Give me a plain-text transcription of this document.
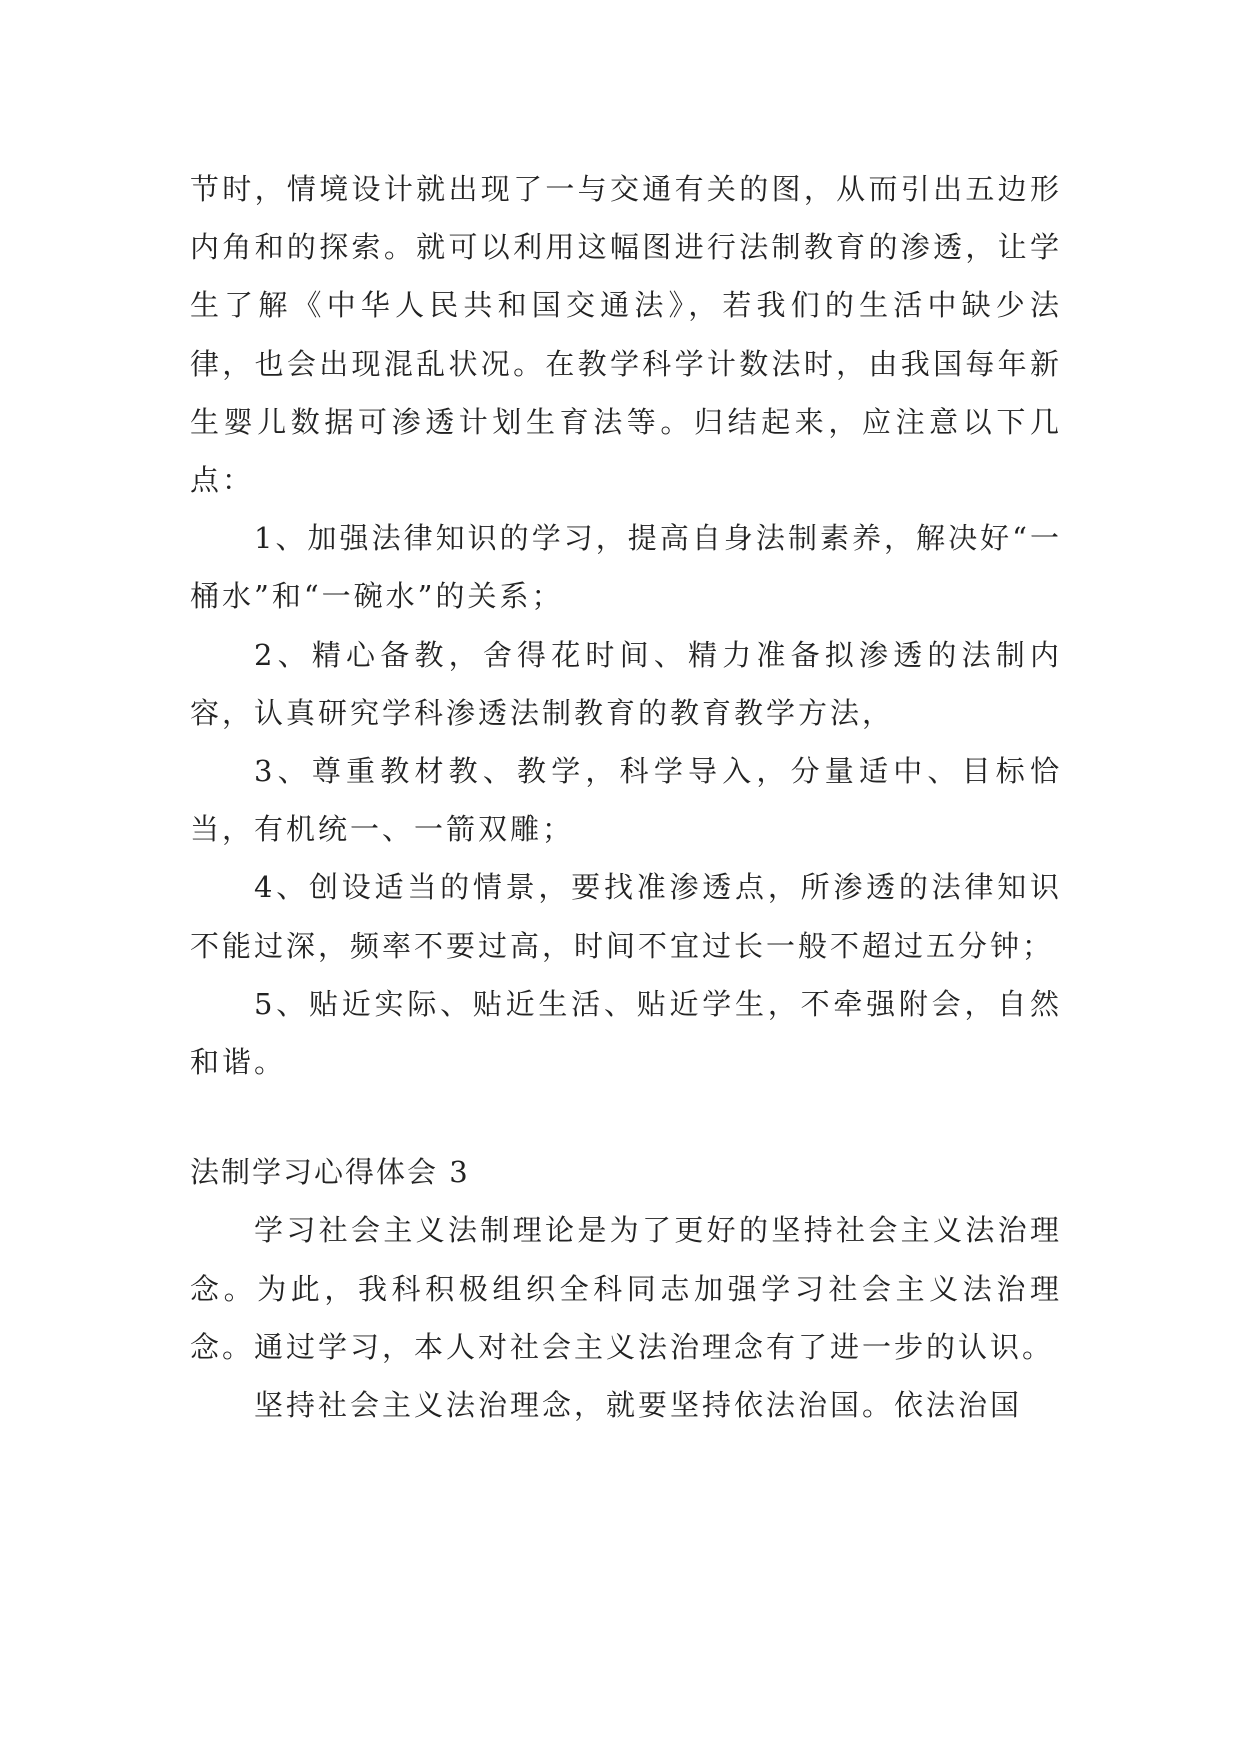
节时，情境设计就出现了一与交通有关的图，从而引出五边形内角和的探索。就可以利用这幅图进行法制教育的渗透，让学生了解《中华人民共和国交通法》，若我们的生活中缺少法律，也会出现混乱状况。在教学科学计数法时，由我国每年新生婴儿数据可渗透计划生育法等。归结起来，应注意以下几点：

1、加强法律知识的学习，提高自身法制素养，解决好“一桶水”和“一碗水”的关系；

2、精心备教，舍得花时间、精力准备拟渗透的法制内容，认真研究学科渗透法制教育的教育教学方法，

3、尊重教材教、教学，科学导入，分量适中、目标恰当，有机统一、一箭双雕；

4、创设适当的情景，要找准渗透点，所渗透的法律知识不能过深，频率不要过高，时间不宜过长一般不超过五分钟；

5、贴近实际、贴近生活、贴近学生，不牵强附会，自然和谐。

法制学习心得体会 3

学习社会主义法制理论是为了更好的坚持社会主义法治理念。为此，我科积极组织全科同志加强学习社会主义法治理念。通过学习，本人对社会主义法治理念有了进一步的认识。

坚持社会主义法治理念，就要坚持依法治国。依法治国
